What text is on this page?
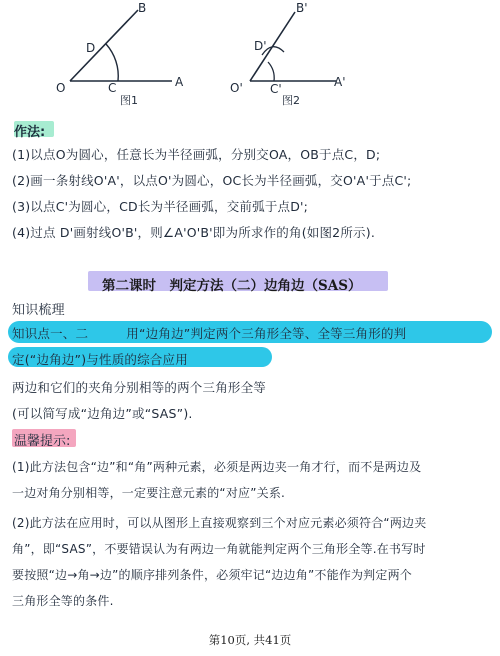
O	A
B
C
D
图1
O'	A'
B'
C'
D'
图2
作法:
(1)以点O为圆心，任意长为半径画弧，分别交OA，OB于点C，D;
(2)画一条射线O'A'，以点O'为圆心，OC长为半径画弧，交O'A'于点C';
(3)以点C'为圆心，CD长为半径画弧，交前弧于点D';
(4)过点 D'画射线O'B'，则∠A'O'B'即为所求作的角(如图2所示).
第二课时　判定方法（二）边角边（SAS）
知识梳理
知识点一、二　　　用“边角边”判定两个三角形全等、全等三角形的判
定(“边角边”)与性质的综合应用
两边和它们的夹角分别相等的两个三角形全等
(可以简写成“边角边”或“SAS”).
温馨提示:
(1)此方法包含“边”和“角”两种元素，必须是两边夹一角才行，而不是两边及
一边对角分别相等，一定要注意元素的“对应”关系.
(2)此方法在应用时，可以从图形上直接观察到三个对应元素必须符合“两边夹
角”，即“SAS”，不要错误认为有两边一角就能判定两个三角形全等.在书写时
要按照“边→角→边”的顺序排列条件，必须牢记“边边角”不能作为判定两个
三角形全等的条件.
第10页, 共41页
